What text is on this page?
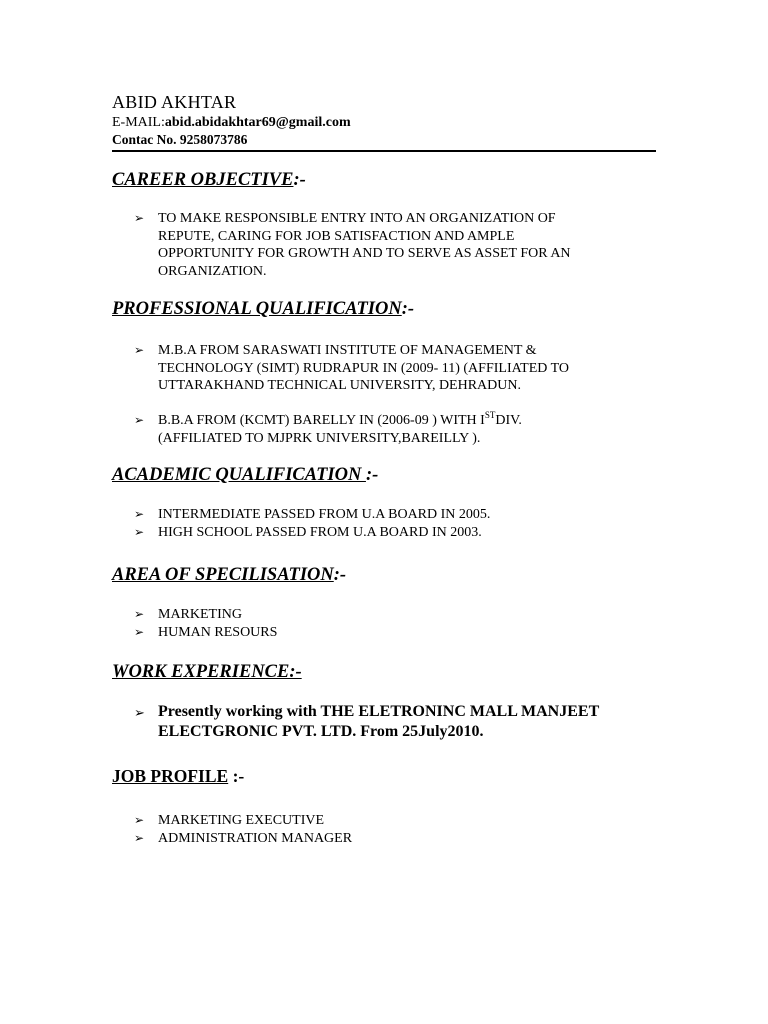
ABID AKHTAR
E-MAIL:abid.abidakhtar69@gmail.com
Contac No. 9258073786
CAREER OBJECTIVE:-
➢ TO MAKE RESPONSIBLE ENTRY INTO AN ORGANIZATION OF
REPUTE, CARING FOR JOB SATISFACTION AND AMPLE
OPPORTUNITY FOR GROWTH AND TO SERVE AS ASSET FOR AN
ORGANIZATION.
PROFESSIONAL QUALIFICATION:-
➢ M.B.A FROM SARASWATI INSTITUTE OF MANAGEMENT &
TECHNOLOGY (SIMT) RUDRAPUR IN (2009- 11) (AFFILIATED TO
UTTARAKHAND TECHNICAL UNIVERSITY, DEHRADUN.
➢ B.B.A FROM (KCMT) BARELLY IN (2006-09 ) WITH ISTDIV.
(AFFILIATED TO MJPRK UNIVERSITY,BAREILLY ).
ACADEMIC QUALIFICATION :-
➢ INTERMEDIATE PASSED FROM U.A BOARD IN 2005.
➢ HIGH SCHOOL PASSED FROM U.A BOARD IN 2003.
AREA OF SPECILISATION:-
➢ MARKETING
➢ HUMAN RESOURS
WORK EXPERIENCE:-
➢ Presently working with THE ELETRONINC MALL MANJEET
ELECTGRONIC PVT. LTD. From 25July2010.
JOB PROFILE :-
➢ MARKETING EXECUTIVE
➢ ADMINISTRATION MANAGER
